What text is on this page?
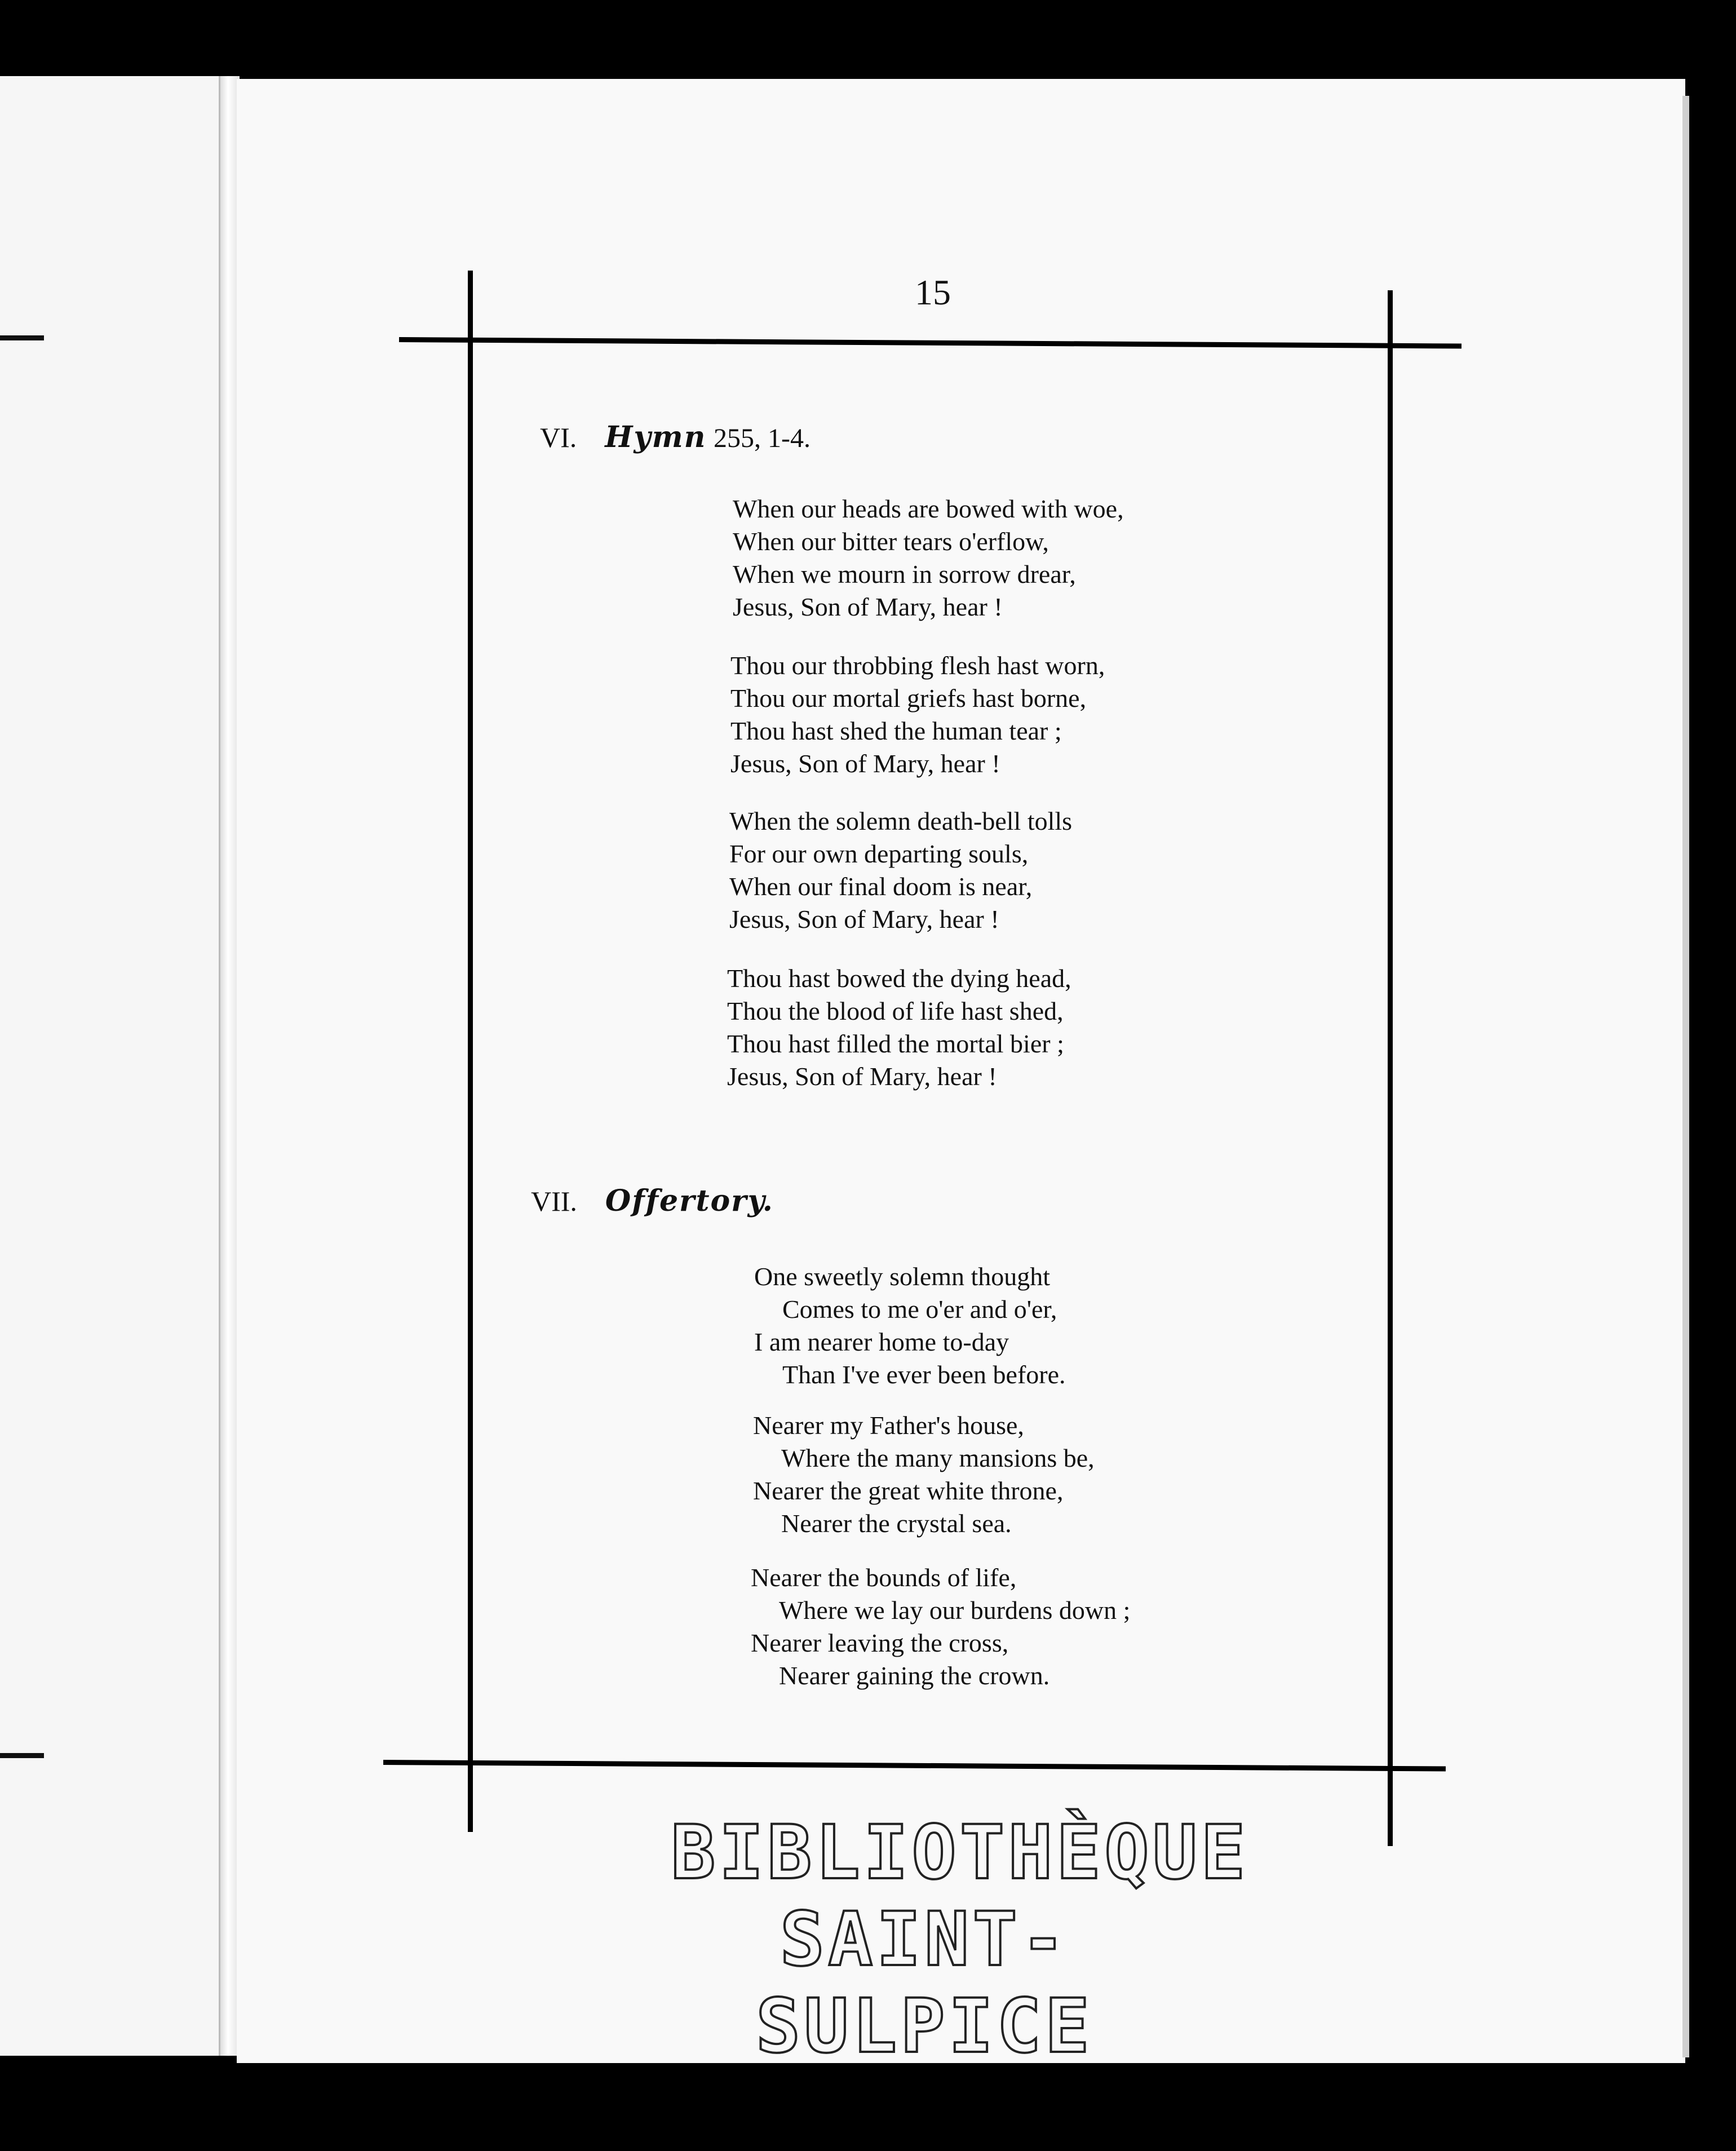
15
VI. Hymn 255, 1-4.
When our heads are bowed with woe,
When our bitter tears o'erflow,
When we mourn in sorrow drear,
Jesus, Son of Mary, hear !
Thou our throbbing flesh hast worn,
Thou our mortal griefs hast borne,
Thou hast shed the human tear ;
Jesus, Son of Mary, hear !
When the solemn death-bell tolls
For our own departing souls,
When our final doom is near,
Jesus, Son of Mary, hear !
Thou hast bowed the dying head,
Thou the blood of life hast shed,
Thou hast filled the mortal bier ;
Jesus, Son of Mary, hear !
VII. Offertory.
One sweetly solemn thought
Comes to me o'er and o'er,
I am nearer home to-day
Than I've ever been before.
Nearer my Father's house,
Where the many mansions be,
Nearer the great white throne,
Nearer the crystal sea.
Nearer the bounds of life,
Where we lay our burdens down ;
Nearer leaving the cross,
Nearer gaining the crown.
BIBLIOTHÈQUE
SAINT-SULPICE
